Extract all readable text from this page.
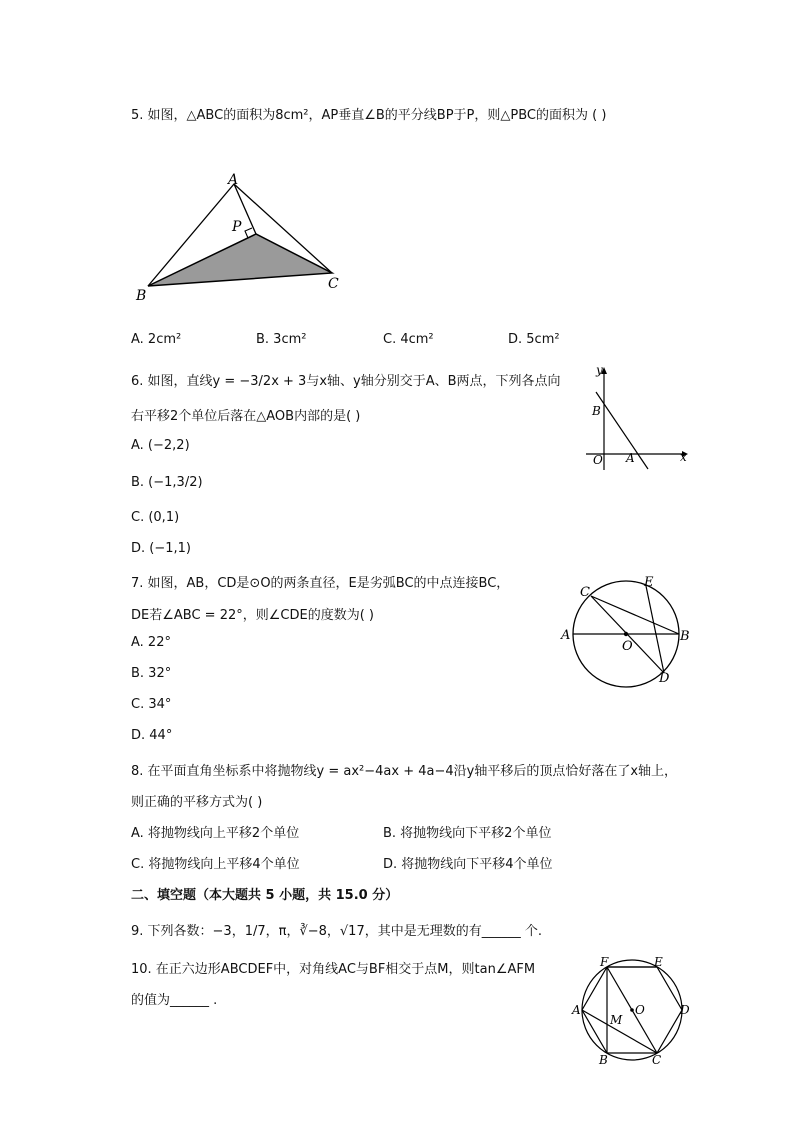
5. 如图，△ABC的面积为8cm²，AP垂直∠B的平分线BP于P，则△PBC的面积为 ( )
A
B
C
P
A. 2cm²	B. 3cm²	C. 4cm²	D. 5cm²
6. 如图，直线y = −3/2x + 3与x轴、y轴分别交于A、B两点，下列各点向
右平移2个单位后落在△AOB内部的是( )
y
x
B
O A
A. (−2,2)
B. (−1,3/2)
C. (0,1)
D. (−1,1)
7. 如图，AB，CD是⊙O的两条直径，E是劣弧BC的中点连接BC，
DE若∠ABC = 22°，则∠CDE的度数为( )
A	B
C
D
E
O
A. 22°
B. 32°
C. 34°
D. 44°
8. 在平面直角坐标系中将抛物线y = ax²−4ax + 4a−4沿y轴平移后的顶点恰好落在了x轴上，
则正确的平移方式为( )
A. 将抛物线向上平移2个单位	B. 将抛物线向下平移2个单位
C. 将抛物线向上平移4个单位	D. 将抛物线向下平移4个单位
二、填空题（本大题共 5 小题，共 15.0 分）
9. 下列各数：−3，1/7，π，∛−8，√17，其中是无理数的有______ 个.
10. 在正六边形ABCDEF中，对角线AC与BF相交于点M，则tan∠AFM
的值为______ .
A
B	C
D
E
F
M
O
